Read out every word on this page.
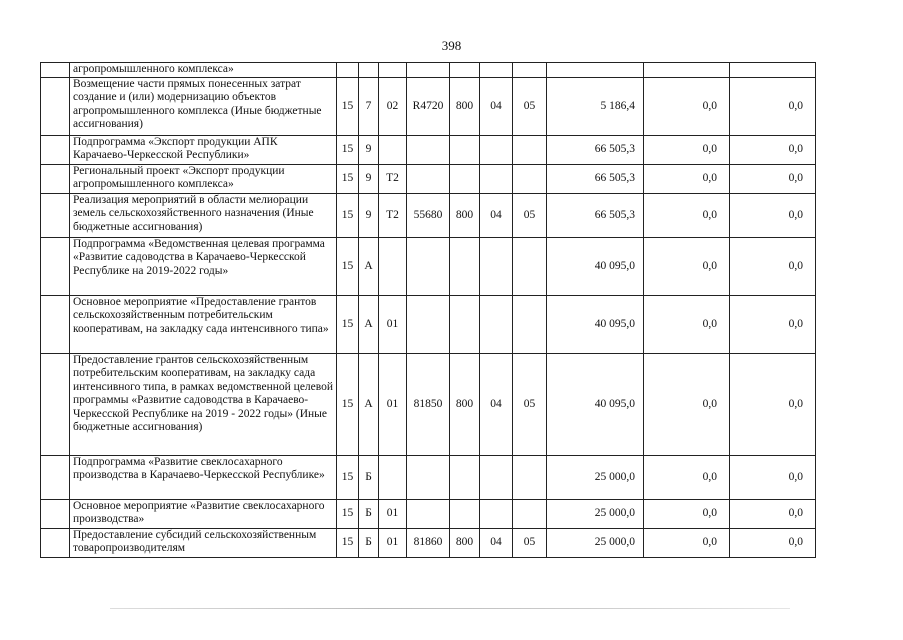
398
	агропромышленного комплекса»										
	Возмещение части прямых понесенных затрат создание и (или) модернизацию объектов агропромышленного комплекса (Иные бюджетные ассигнования)	15	7	02	R4720	800	04	05	5 186,4	0,0	0,0
	Подпрограмма «Экспорт продукции АПК Карачаево-Черкесской Республики»	15	9						66 505,3	0,0	0,0
	Региональный проект «Экспорт продукции агропромышленного комплекса»	15	9	T2					66 505,3	0,0	0,0
	Реализация мероприятий в области мелиорации земель сельскохозяйственного назначения (Иные бюджетные ассигнования)	15	9	T2	55680	800	04	05	66 505,3	0,0	0,0
	Подпрограмма «Ведомственная целевая программа «Развитие садоводства в Карачаево-Черкесской Республике на 2019-2022 годы»	15	А						40 095,0	0,0	0,0
	Основное мероприятие «Предоставление грантов сельскохозяйственным потребительским кооперативам, на закладку сада интенсивного типа»	15	А	01					40 095,0	0,0	0,0
	Предоставление грантов сельскохозяйственным потребительским кооперативам, на закладку сада интенсивного типа, в рамках ведомственной целевой программы «Развитие садоводства в Карачаево-Черкесской Республике на 2019 - 2022 годы» (Иные бюджетные ассигнования)	15	А	01	81850	800	04	05	40 095,0	0,0	0,0
	Подпрограмма «Развитие свеклосахарного производства в Карачаево-Черкесской Республике»	15	Б						25 000,0	0,0	0,0
	Основное мероприятие «Развитие свеклосахарного производства»	15	Б	01					25 000,0	0,0	0,0
	Предоставление субсидий сельскохозяйственным товаропроизводителям	15	Б	01	81860	800	04	05	25 000,0	0,0	0,0
